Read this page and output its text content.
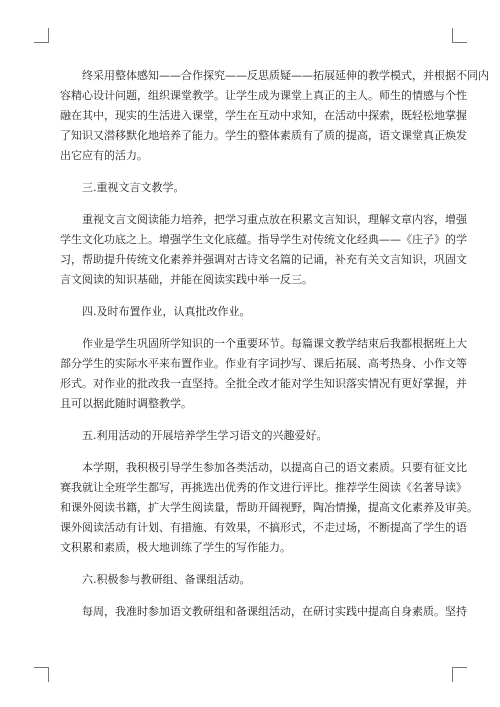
终采用整体感知——合作探究——反思质疑——拓展延伸的教学模式，并根据不同内
容精心设计问题，组织课堂教学。让学生成为课堂上真正的主人。师生的情感与个性
融在其中，现实的生活进入课堂，学生在互动中求知，在活动中探索，既轻松地掌握
了知识又潜移默化地培养了能力。学生的整体素质有了质的提高，语文课堂真正焕发
出它应有的活力。
三.重视文言文教学。
重视文言文阅读能力培养，把学习重点放在积累文言知识，理解文章内容，增强
学生文化功底之上。增强学生文化底蕴。指导学生对传统文化经典——《庄子》的学
习，帮助提升传统文化素养并强调对古诗文名篇的记诵，补充有关文言知识，巩固文
言文阅读的知识基础，并能在阅读实践中举一反三。
四.及时布置作业，认真批改作业。
作业是学生巩固所学知识的一个重要环节。每篇课文教学结束后我都根据班上大
部分学生的实际水平来布置作业。作业有字词抄写、课后拓展、高考热身、小作文等
形式。对作业的批改我一直坚持。全批全改才能对学生知识落实情况有更好掌握，并
且可以据此随时调整教学。
五.利用活动的开展培养学生学习语文的兴趣爱好。
本学期，我积极引导学生参加各类活动，以提高自己的语文素质。只要有征文比
赛我就让全班学生都写，再挑选出优秀的作文进行评比。推荐学生阅读《名著导读》
和课外阅读书籍，扩大学生阅读量，帮助开阔视野，陶冶情操，提高文化素养及审美。
课外阅读活动有计划、有措施、有效果，不搞形式，不走过场，不断提高了学生的语
文积累和素质，极大地训练了学生的写作能力。
六.积极参与教研组、备课组活动。
每周，我准时参加语文教研组和备课组活动，在研讨实践中提高自身素质。坚持
